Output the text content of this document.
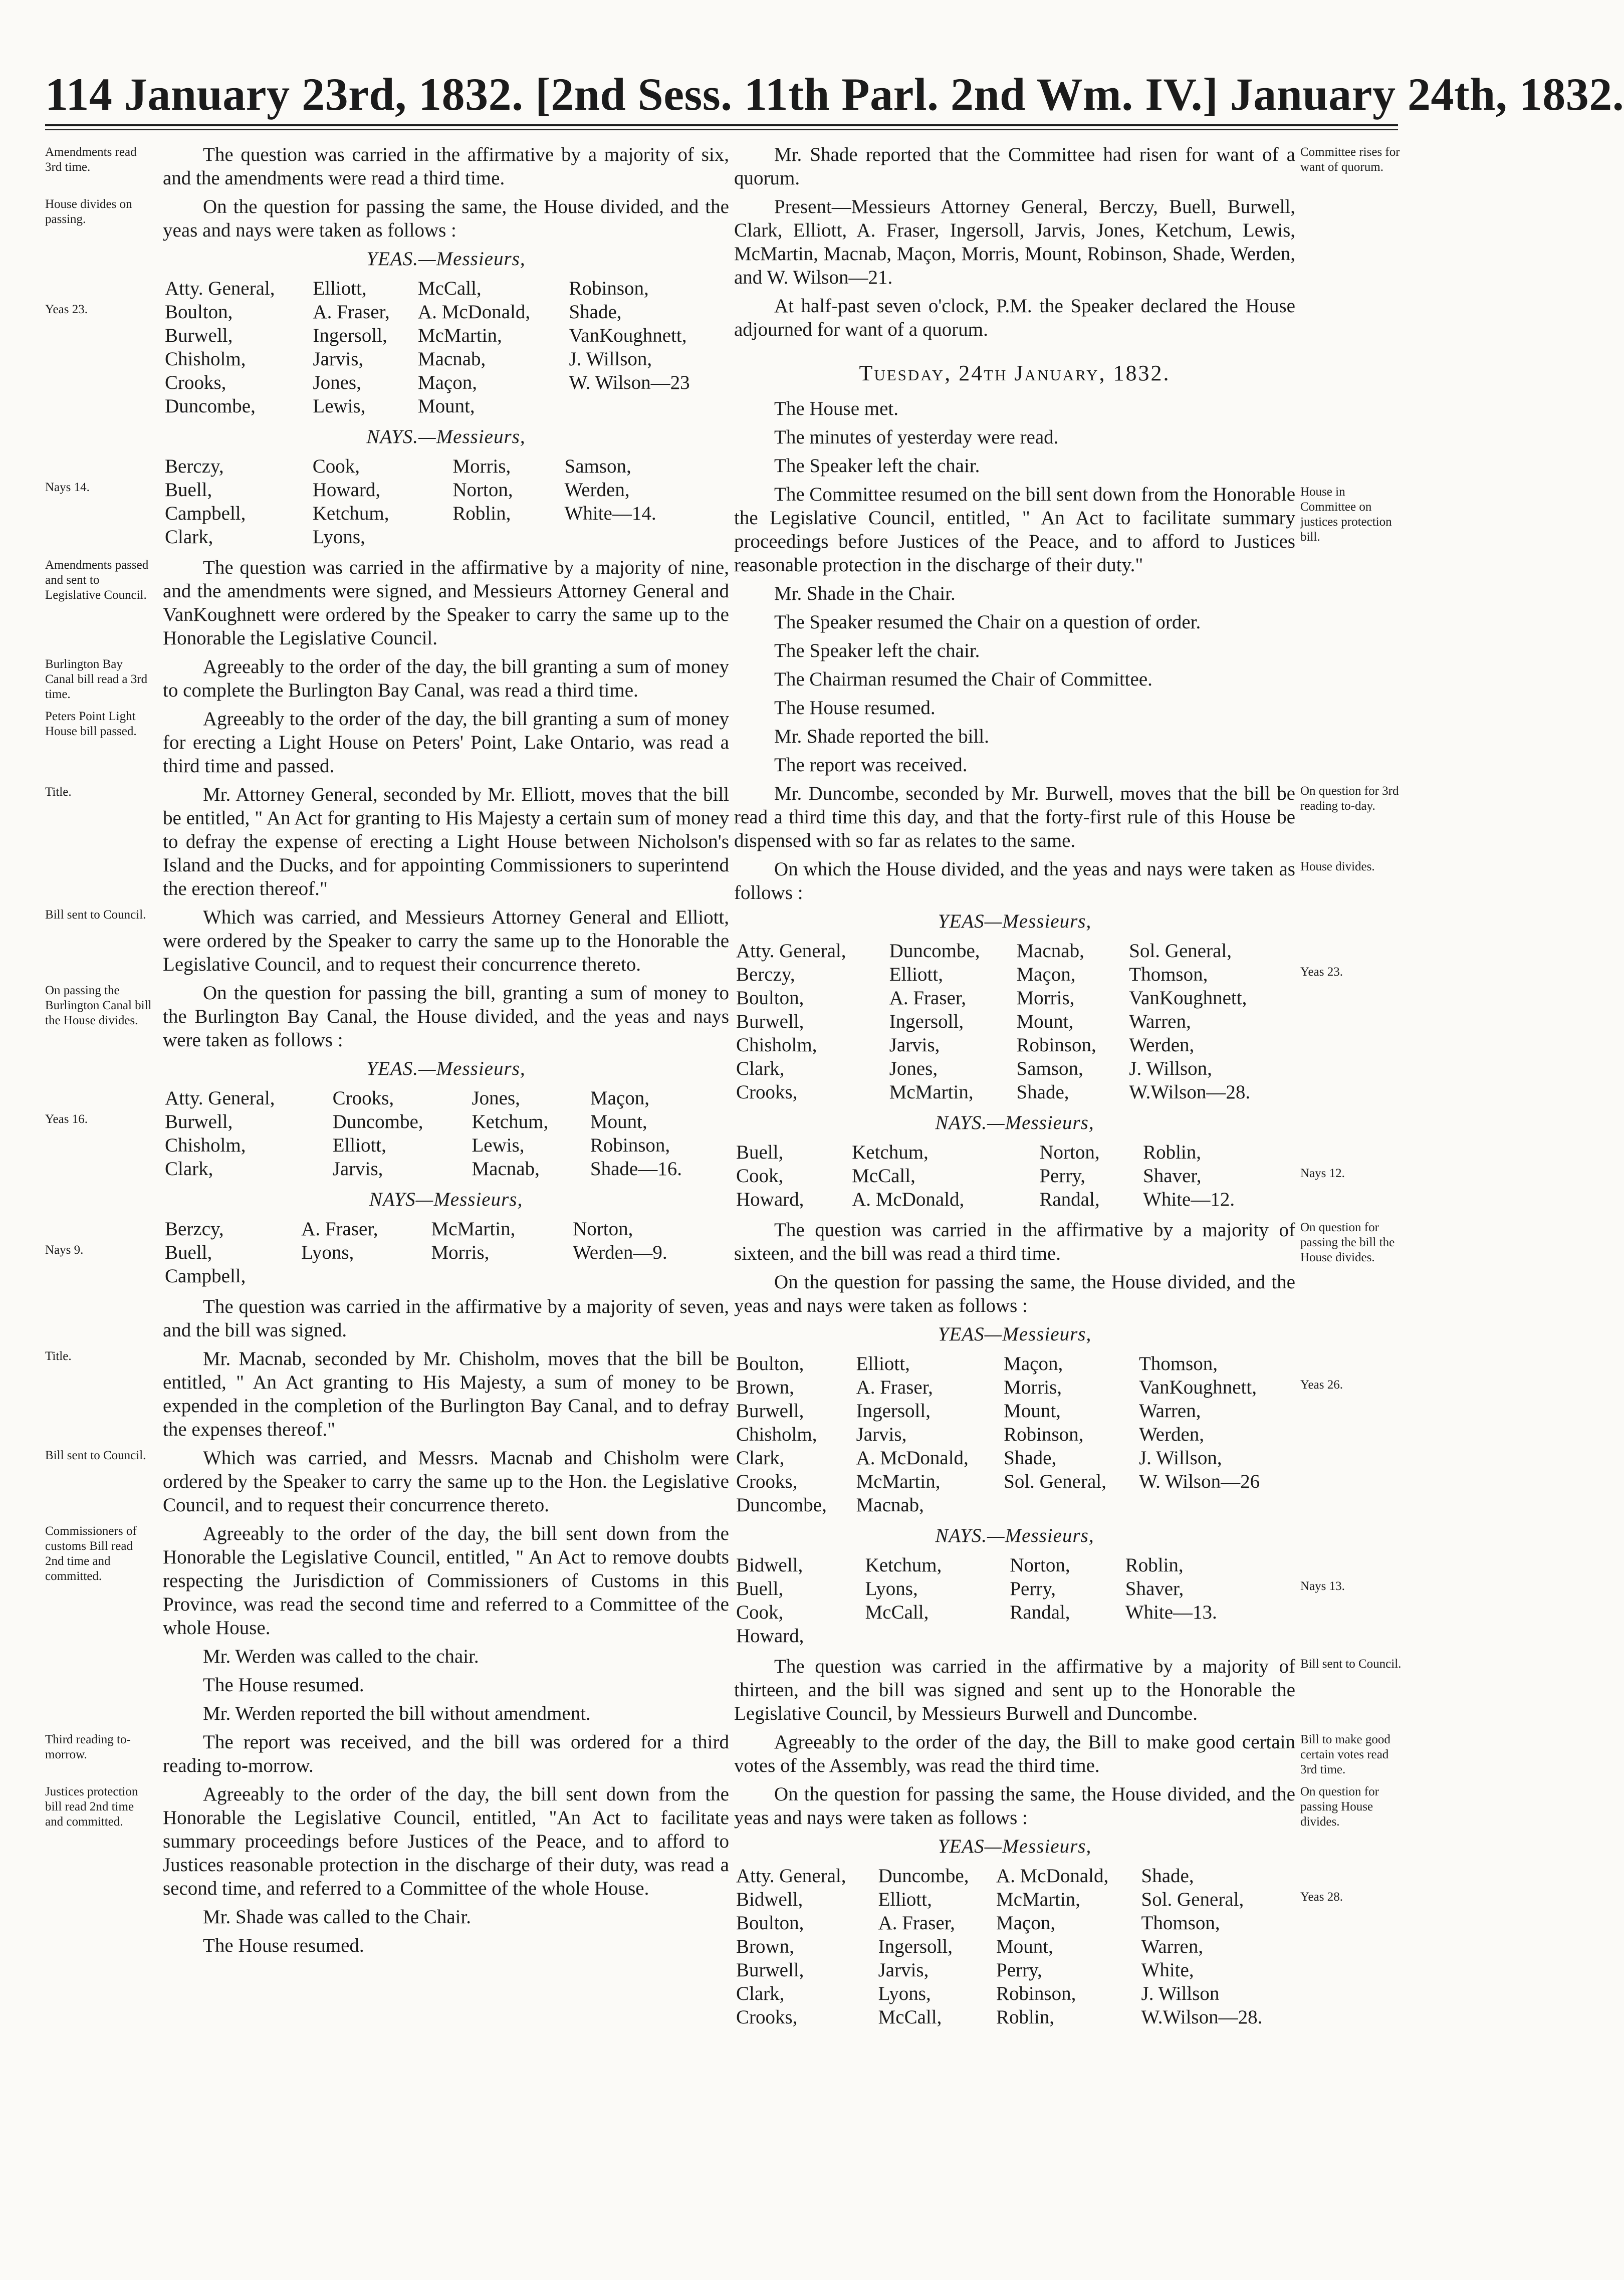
114 January 23rd, 1832. [2nd Sess. 11th Parl. 2nd Wm. IV.] January 24th, 1832.

The question was carried in the affirmative by a majority of six, and the amendments were read a third time.

Amendments read 3rd time.

On the question for passing the same, the House divided, and the yeas and nays were taken as follows :

House divides on passing.
YEAS.—Messieurs,
Atty. General,	Elliott,	McCall,	Robinson,
Boulton,	A. Fraser,	A. McDonald,	Shade,
Burwell,	Ingersoll,	McMartin,	VanKoughnett,
Chisholm,	Jarvis,	Macnab,	J. Willson,
Crooks,	Jones,	Maçon,	W. Wilson—23
Duncombe,	Lewis,	Mount,	
Yeas 23.
NAYS.—Messieurs,
Berczy,	Cook,	Morris,	Samson,
Buell,	Howard,	Norton,	Werden,
Campbell,	Ketchum,	Roblin,	White—14.
Clark,	Lyons,		
Nays 14.

The question was carried in the affirmative by a majority of nine, and the amendments were signed, and Messieurs Attorney General and VanKoughnett were ordered by the Speaker to carry the same up to the Honorable the Legislative Council.

Amendments passed and sent to Legislative Council.

Agreeably to the order of the day, the bill granting a sum of money to complete the Burlington Bay Canal, was read a third time.

Burlington Bay Canal bill read a 3rd time.

Agreeably to the order of the day, the bill granting a sum of money for erecting a Light House on Peters' Point, Lake Ontario, was read a third time and passed.

Peters Point Light House bill passed.

Mr. Attorney General, seconded by Mr. Elliott, moves that the bill be entitled, " An Act for granting to His Majesty a certain sum of money to defray the expense of erecting a Light House between Nicholson's Island and the Ducks, and for appointing Commissioners to superintend the erection thereof."

Title.

Which was carried, and Messieurs Attorney General and Elliott, were ordered by the Speaker to carry the same up to the Honorable the Legislative Council, and to request their concurrence thereto.

Bill sent to Council.

On the question for passing the bill, granting a sum of money to the Burlington Bay Canal, the House divided, and the yeas and nays were taken as follows :

On passing the Burlington Canal bill the House divides.
YEAS.—Messieurs,
Atty. General,	Crooks,	Jones,	Maçon,
Burwell,	Duncombe,	Ketchum,	Mount,
Chisholm,	Elliott,	Lewis,	Robinson,
Clark,	Jarvis,	Macnab,	Shade—16.
Yeas 16.
NAYS—Messieurs,
Berzcy,	A. Fraser,	McMartin,	Norton,
Buell,	Lyons,	Morris,	Werden—9.
Campbell,			
Nays 9.

The question was carried in the affirmative by a majority of seven, and the bill was signed.

Mr. Macnab, seconded by Mr. Chisholm, moves that the bill be entitled, " An Act granting to His Majesty, a sum of money to be expended in the completion of the Burlington Bay Canal, and to defray the expenses thereof."

Title.

Which was carried, and Messrs. Macnab and Chisholm were ordered by the Speaker to carry the same up to the Hon. the Legislative Council, and to request their concurrence thereto.

Bill sent to Council.

Agreeably to the order of the day, the bill sent down from the Honorable the Legislative Council, entitled, " An Act to remove doubts respecting the Jurisdiction of Commissioners of Customs in this Province, was read the second time and referred to a Committee of the whole House.

Commissioners of customs Bill read 2nd time and committed.

Mr. Werden was called to the chair.

The House resumed.

Mr. Werden reported the bill without amendment.

The report was received, and the bill was ordered for a third reading to-morrow.

Third reading to-morrow.

Agreeably to the order of the day, the bill sent down from the Honorable the Legislative Council, entitled, "An Act to facilitate summary proceedings before Justices of the Peace, and to afford to Justices reasonable protection in the discharge of their duty, was read a second time, and referred to a Committee of the whole House.

Justices protection bill read 2nd time and committed.

Mr. Shade was called to the Chair.

The House resumed.

Mr. Shade reported that the Committee had risen for want of a quorum.

Committee rises for want of quorum.

Present—Messieurs Attorney General, Berczy, Buell, Burwell, Clark, Elliott, A. Fraser, Ingersoll, Jarvis, Jones, Ketchum, Lewis, McMartin, Macnab, Maçon, Morris, Mount, Robinson, Shade, Werden, and W. Wilson—21.

At half-past seven o'clock, P.M. the Speaker declared the House adjourned for want of a quorum.

Tuesday, 24th January, 1832.

The House met.

The minutes of yesterday were read.

The Speaker left the chair.

The Committee resumed on the bill sent down from the Honorable the Legislative Council, entitled, " An Act to facilitate summary proceedings before Justices of the Peace, and to afford to Justices reasonable protection in the discharge of their duty."

House in Committee on justices protection bill.

Mr. Shade in the Chair.

The Speaker resumed the Chair on a question of order.

The Speaker left the chair.

The Chairman resumed the Chair of Committee.

The House resumed.

Mr. Shade reported the bill.

The report was received.

Mr. Duncombe, seconded by Mr. Burwell, moves that the bill be read a third time this day, and that the forty-first rule of this House be dispensed with so far as relates to the same.

On question for 3rd reading to-day.

On which the House divided, and the yeas and nays were taken as follows :

House divides.
YEAS—Messieurs,
Atty. General,	Duncombe,	Macnab,	Sol. General,
Berczy,	Elliott,	Maçon,	Thomson,
Boulton,	A. Fraser,	Morris,	VanKoughnett,
Burwell,	Ingersoll,	Mount,	Warren,
Chisholm,	Jarvis,	Robinson,	Werden,
Clark,	Jones,	Samson,	J. Willson,
Crooks,	McMartin,	Shade,	W.Wilson—28.
Yeas 23.
NAYS.—Messieurs,
Buell,	Ketchum,	Norton,	Roblin,
Cook,	McCall,	Perry,	Shaver,
Howard,	A. McDonald,	Randal,	White—12.
Nays 12.

The question was carried in the affirmative by a majority of sixteen, and the bill was read a third time.

On question for passing the bill the House divides.

On the question for passing the same, the House divided, and the yeas and nays were taken as follows :

YEAS—Messieurs,
Boulton,	Elliott,	Maçon,	Thomson,
Brown,	A. Fraser,	Morris,	VanKoughnett,
Burwell,	Ingersoll,	Mount,	Warren,
Chisholm,	Jarvis,	Robinson,	Werden,
Clark,	A. McDonald,	Shade,	J. Willson,
Crooks,	McMartin,	Sol. General,	W. Wilson—26
Duncombe,	Macnab,		
Yeas 26.
NAYS.—Messieurs,
Bidwell,	Ketchum,	Norton,	Roblin,
Buell,	Lyons,	Perry,	Shaver,
Cook,	McCall,	Randal,	White—13.
Howard,			
Nays 13.

The question was carried in the affirmative by a majority of thirteen, and the bill was signed and sent up to the Honorable the Legislative Council, by Messieurs Burwell and Duncombe.

Bill sent to Council.

Agreeably to the order of the day, the Bill to make good certain votes of the Assembly, was read the third time.

Bill to make good certain votes read 3rd time.

On the question for passing the same, the House divided, and the yeas and nays were taken as follows :

On question for passing House divides.
YEAS—Messieurs,
Atty. General,	Duncombe,	A. McDonald,	Shade,
Bidwell,	Elliott,	McMartin,	Sol. General,
Boulton,	A. Fraser,	Maçon,	Thomson,
Brown,	Ingersoll,	Mount,	Warren,
Burwell,	Jarvis,	Perry,	White,
Clark,	Lyons,	Robinson,	J. Willson
Crooks,	McCall,	Roblin,	W.Wilson—28.
Yeas 28.
